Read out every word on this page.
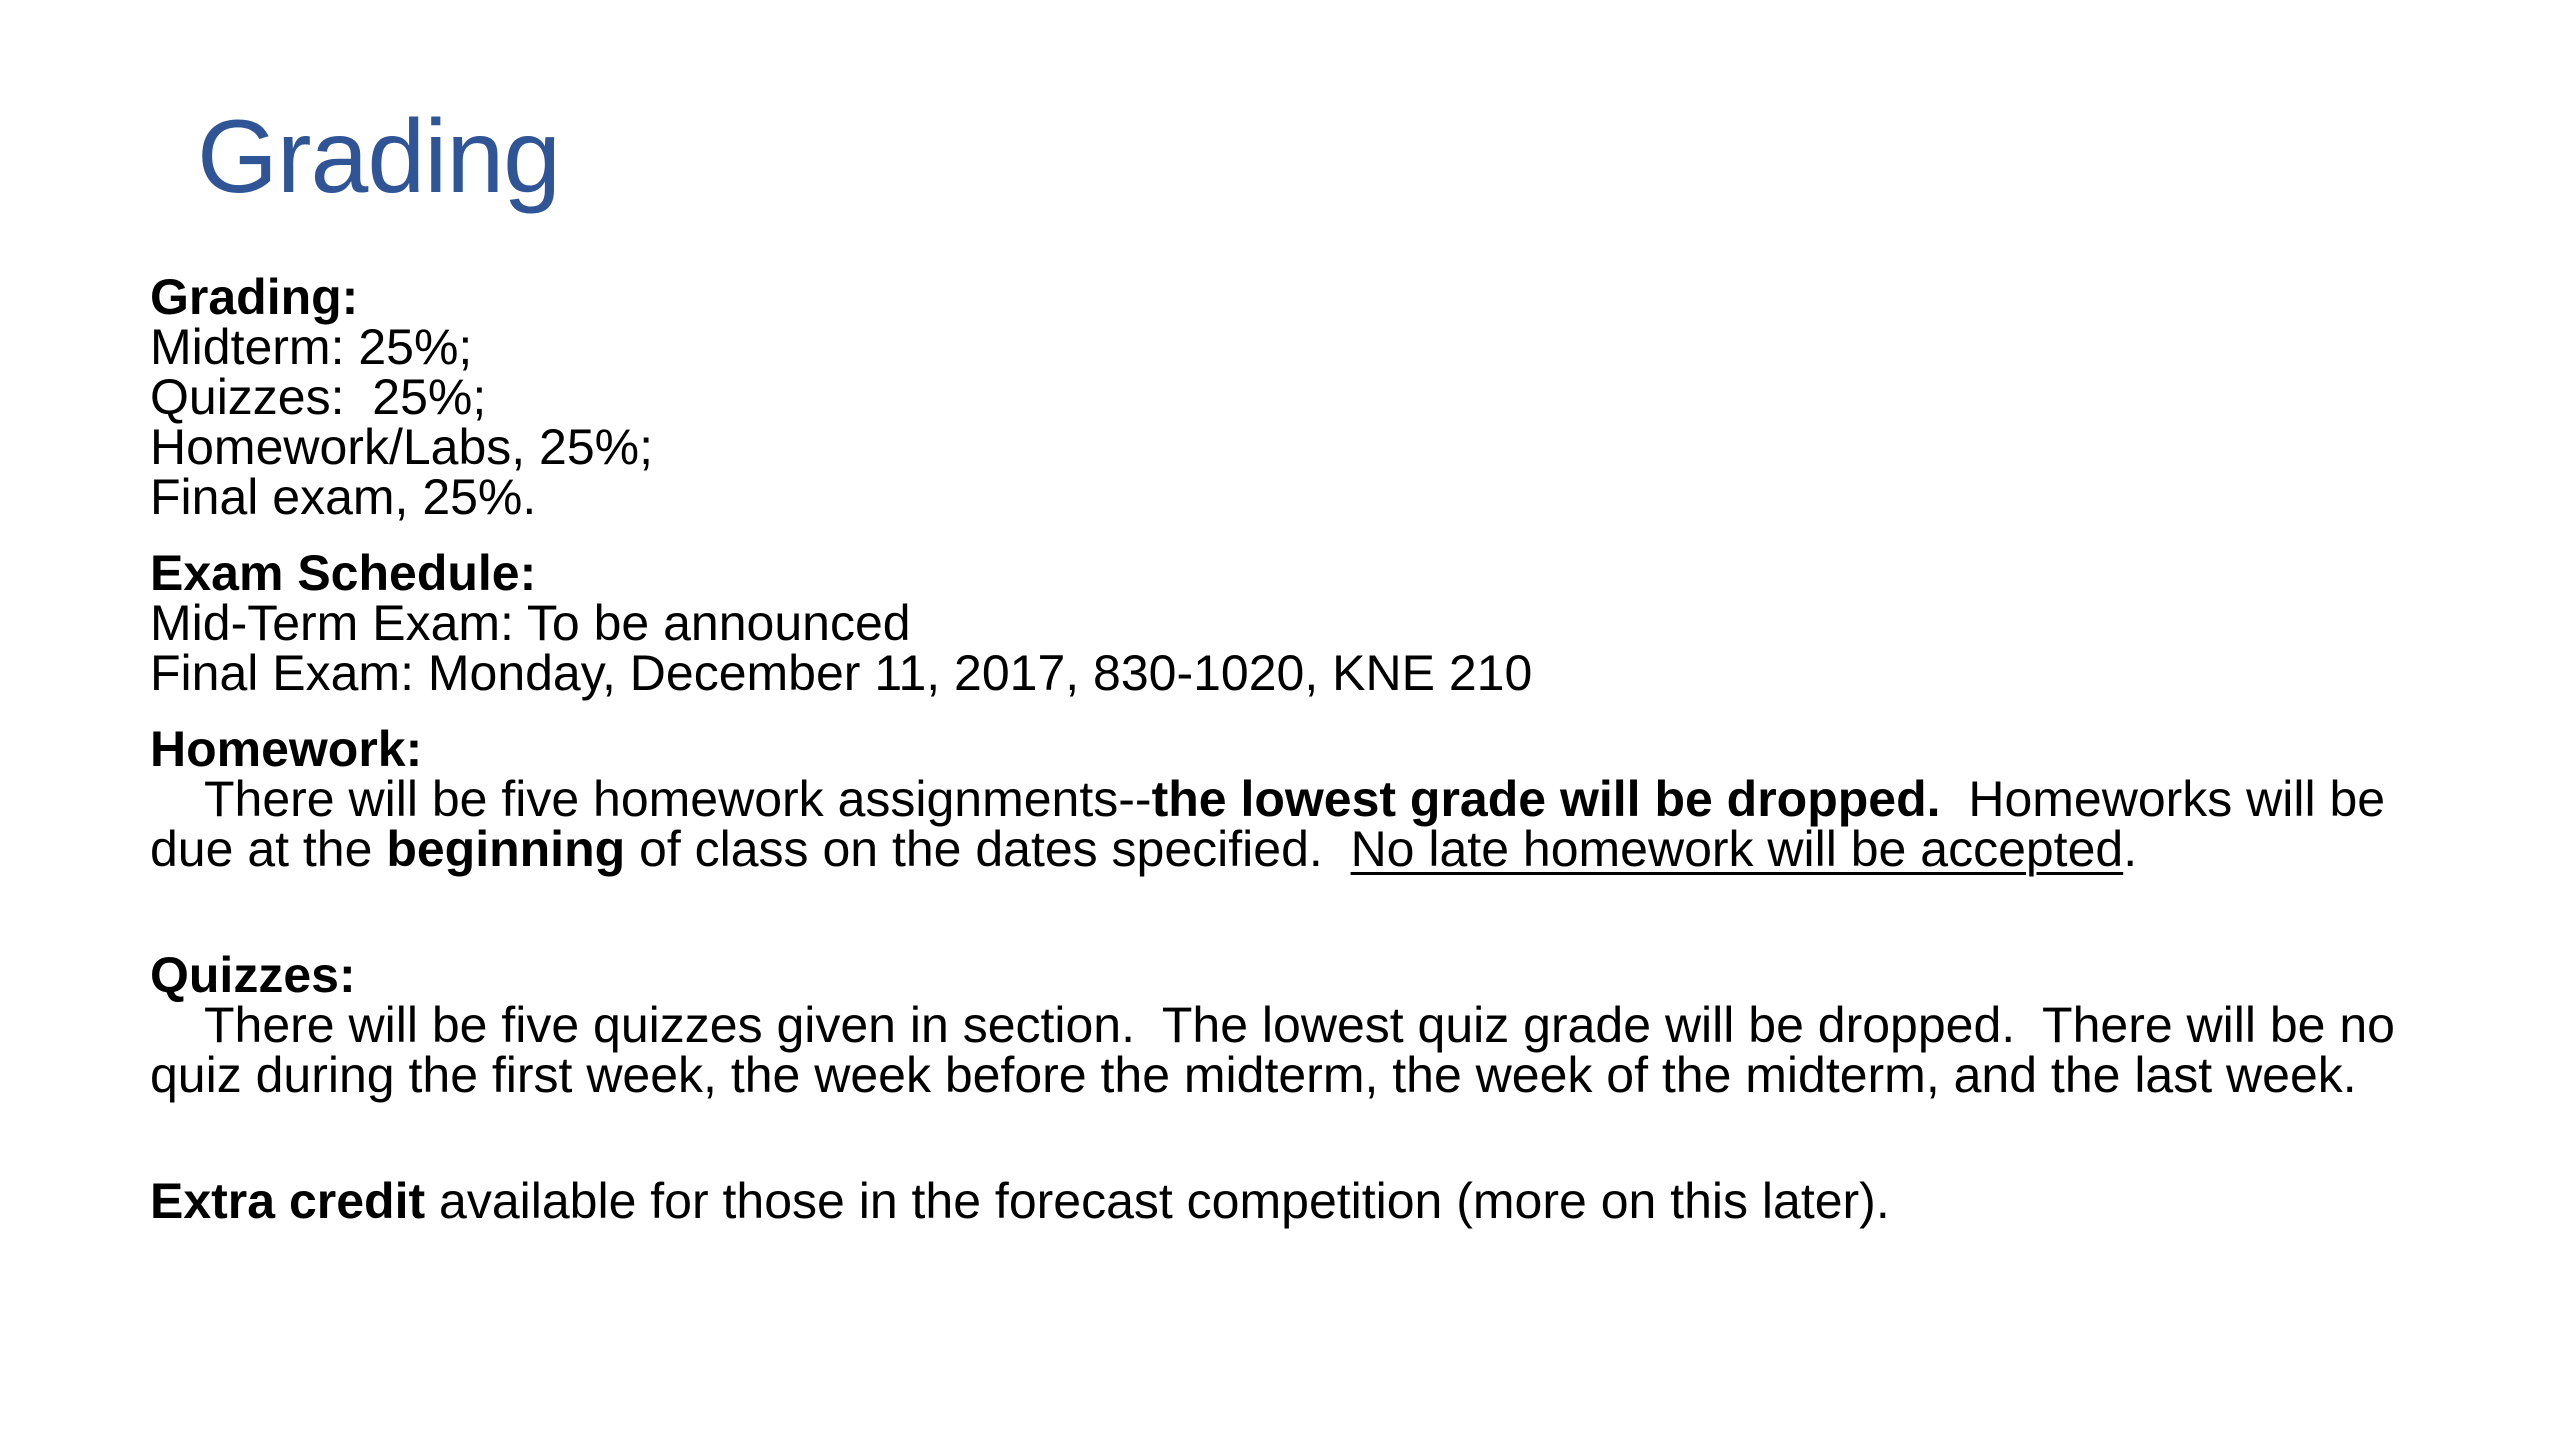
Grading
Grading:
Midterm: 25%;
Quizzes:  25%;
Homework/Labs, 25%;
Final exam, 25%.
Exam Schedule:
Mid-Term Exam: To be announced
Final Exam: Monday, December 11, 2017, 830-1020, KNE 210
Homework:
There will be five homework assignments--the lowest grade will be dropped.  Homeworks will be due at the beginning of class on the dates specified.  No late homework will be accepted.
Quizzes:
There will be five quizzes given in section.  The lowest quiz grade will be dropped.  There will be no quiz during the first week, the week before the midterm, the week of the midterm, and the last week.
Extra credit available for those in the forecast competition (more on this later).
